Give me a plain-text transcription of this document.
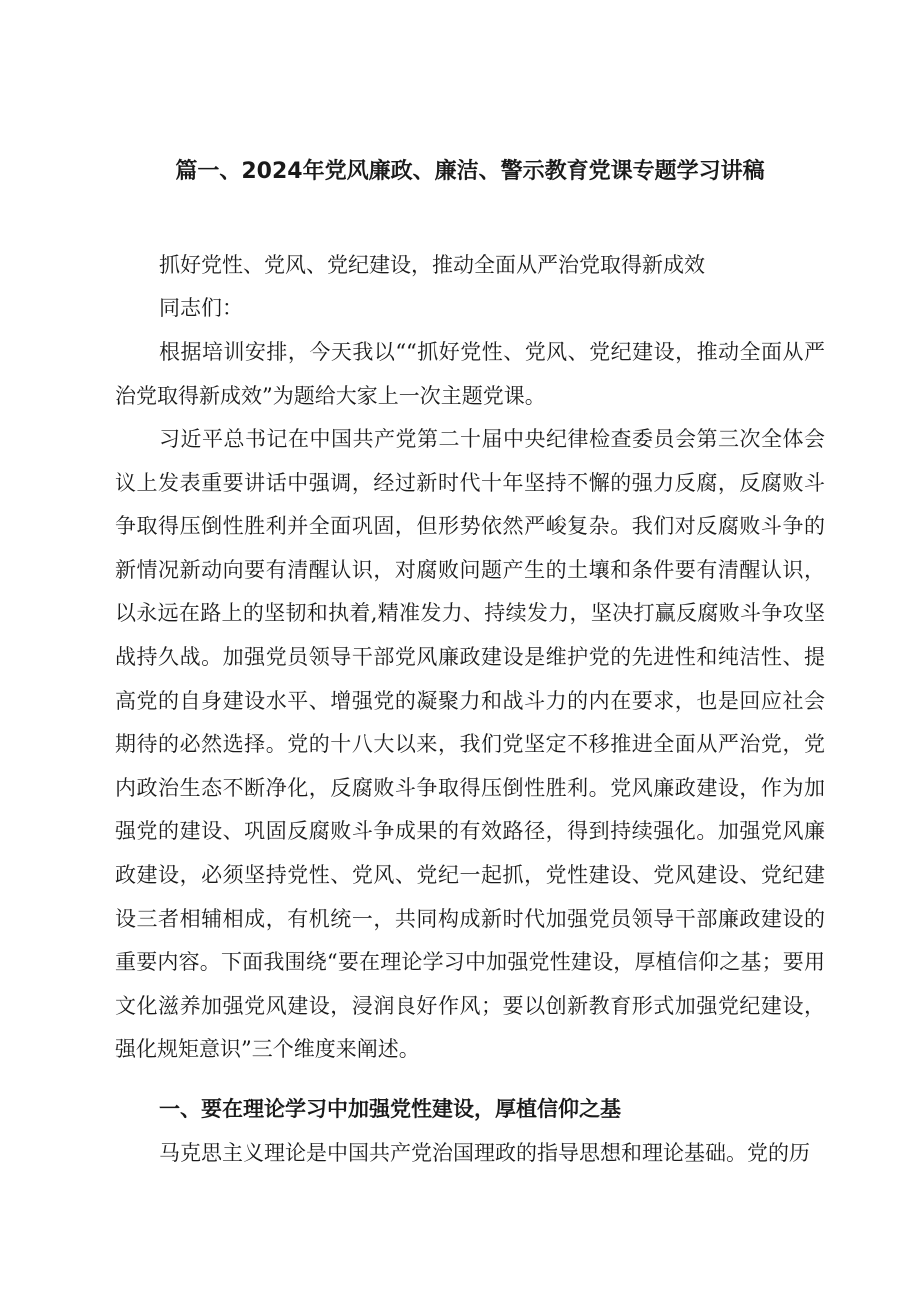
篇一、2024年党风廉政、廉洁、警示教育党课专题学习讲稿

抓好党性、党风、党纪建设，推动全面从严治党取得新成效

同志们：

根据培训安排，今天我以““抓好党性、党风、党纪建设，推动全面从严治党取得新成效”为题给大家上一次主题党课。

习近平总书记在中国共产党第二十届中央纪律检查委员会第三次全体会议上发表重要讲话中强调，经过新时代十年坚持不懈的强力反腐，反腐败斗争取得压倒性胜利并全面巩固，但形势依然严峻复杂。我们对反腐败斗争的新情况新动向要有清醒认识，对腐败问题产生的土壤和条件要有清醒认识，以永远在路上的坚韧和执着,精准发力、持续发力，坚决打赢反腐败斗争攻坚战持久战。加强党员领导干部党风廉政建设是维护党的先进性和纯洁性、提高党的自身建设水平、增强党的凝聚力和战斗力的内在要求，也是回应社会期待的必然选择。党的十八大以来，我们党坚定不移推进全面从严治党，党内政治生态不断净化，反腐败斗争取得压倒性胜利。党风廉政建设，作为加强党的建设、巩固反腐败斗争成果的有效路径，得到持续强化。加强党风廉政建设，必须坚持党性、党风、党纪一起抓，党性建设、党风建设、党纪建设三者相辅相成，有机统一，共同构成新时代加强党员领导干部廉政建设的重要内容。下面我围绕“要在理论学习中加强党性建设，厚植信仰之基；要用文化滋养加强党风建设，浸润良好作风；要以创新教育形式加强党纪建设，强化规矩意识”三个维度来阐述。

一、要在理论学习中加强党性建设，厚植信仰之基

马克思主义理论是中国共产党治国理政的指导思想和理论基础。党的历
